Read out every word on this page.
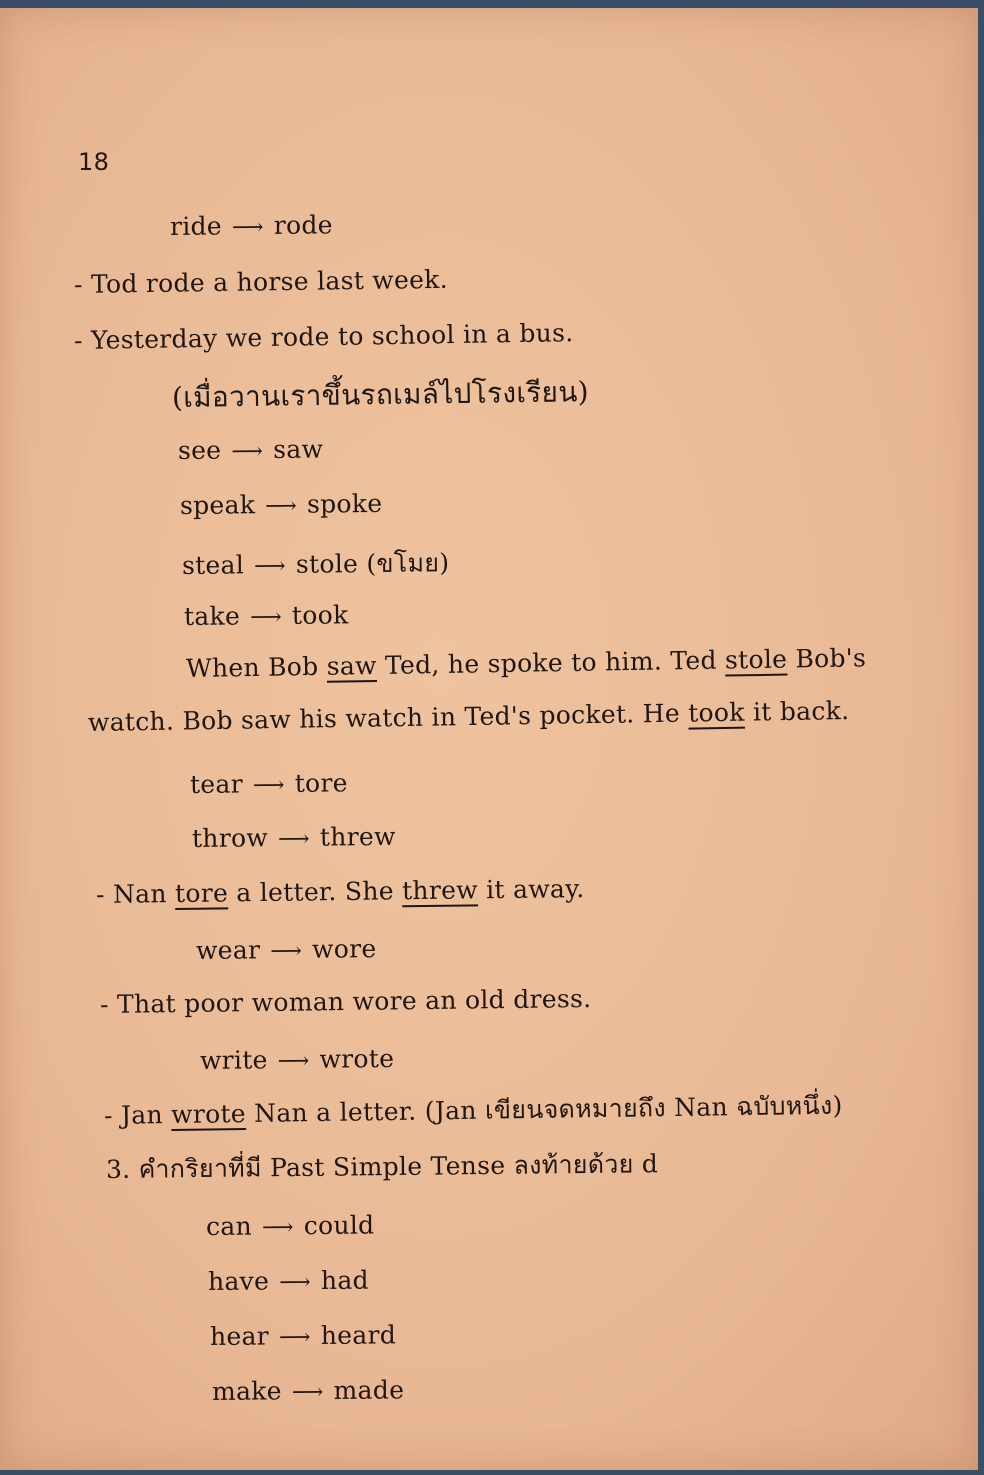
18
ride ⟶ rode
- Tod rode a horse last week.
- Yesterday we rode to school in a bus.
(เมื่อวานเราขึ้นรถเมล์ไปโรงเรียน)
see ⟶ saw
speak ⟶ spoke
steal ⟶ stole (ขโมย)
take ⟶ took
When Bob saw Ted, he spoke to him. Ted stole Bob's
watch. Bob saw his watch in Ted's pocket. He took it back.
tear ⟶ tore
throw ⟶ threw
- Nan tore a letter. She threw it away.
wear ⟶ wore
- That poor woman wore an old dress.
write ⟶ wrote
- Jan wrote Nan a letter. (Jan เขียนจดหมายถึง Nan ฉบับหนึ่ง)
3. คำกริยาที่มี Past Simple Tense ลงท้ายด้วย d
can ⟶ could
have ⟶ had
hear ⟶ heard
make ⟶ made
